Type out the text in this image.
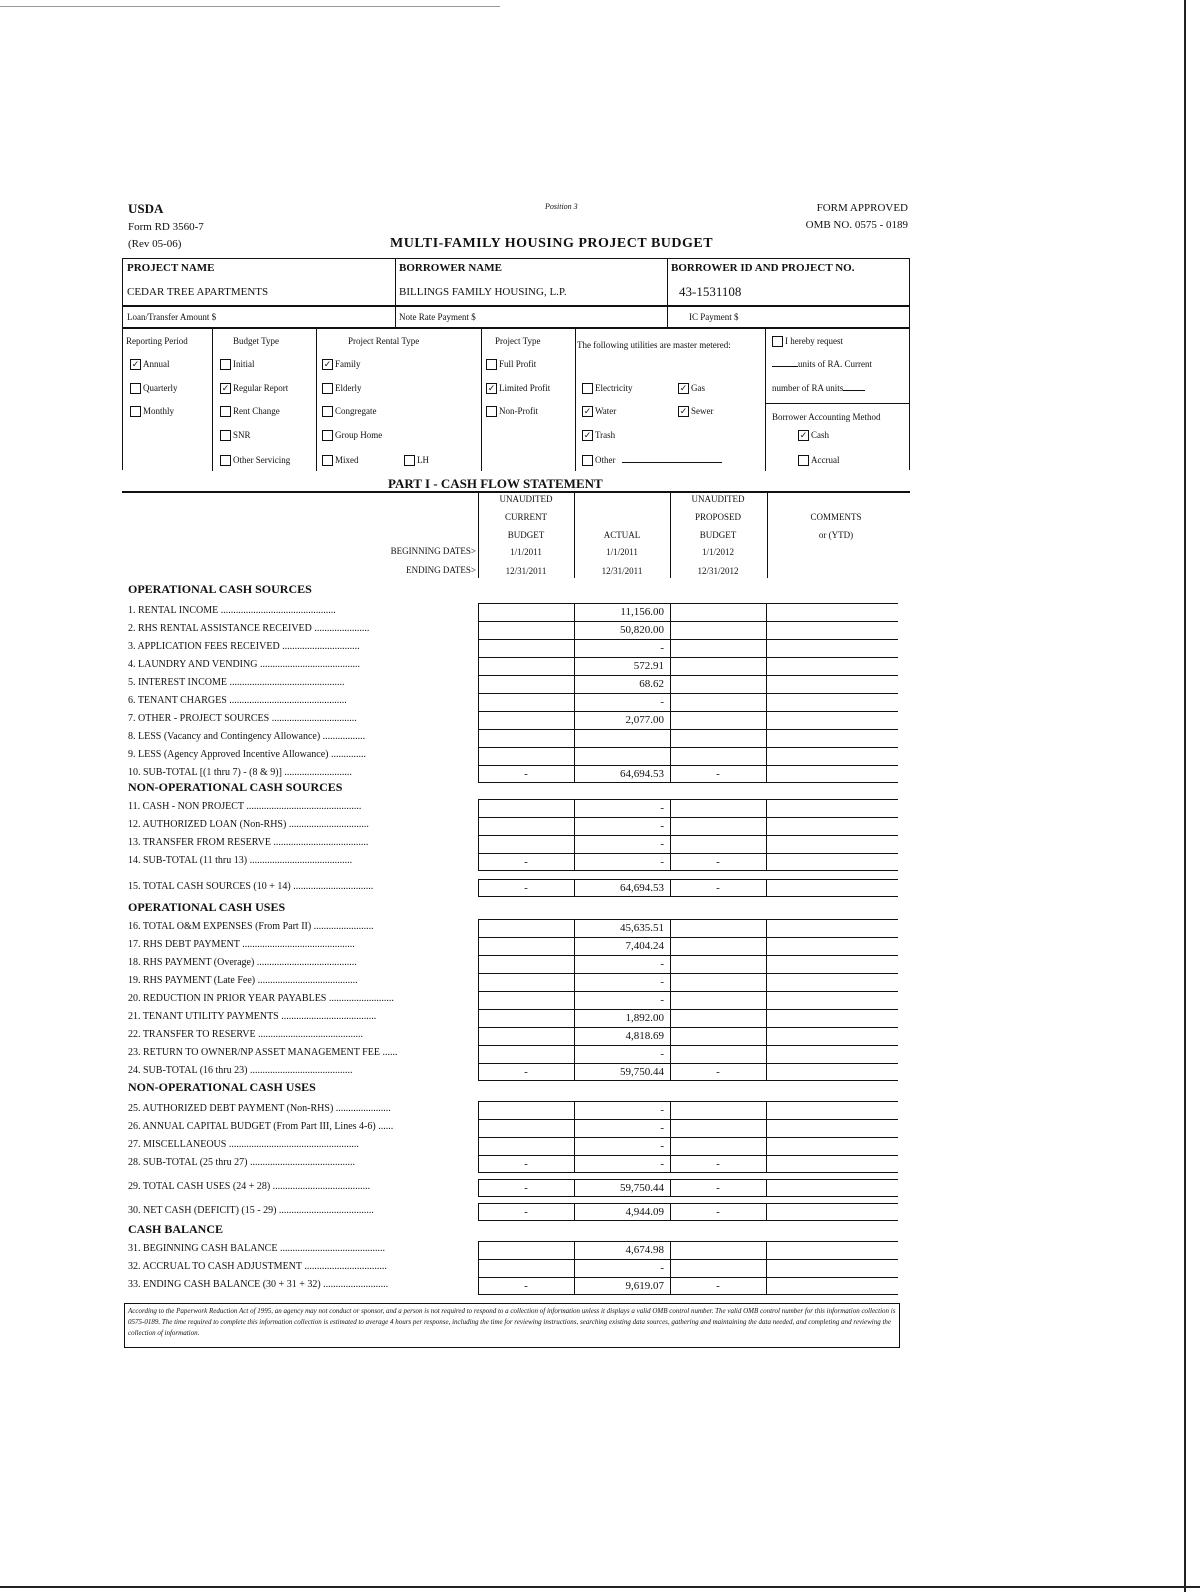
USDA
Form RD 3560-7
(Rev 05-06)
Position 3	FORM APPROVED
OMB NO. 0575 - 0189
MULTI-FAMILY HOUSING PROJECT BUDGET
PROJECT NAME
CEDAR TREE APARTMENTS
BORROWER NAME
BILLINGS FAMILY HOUSING, L.P.
BORROWER ID AND PROJECT NO.
43-1531108
Loan/Transfer Amount $	Note Rate Payment $	IC Payment $
Reporting Period
✓ Annual
Quarterly
Monthly
Budget Type
Initial
✓ Regular Report
Rent Change
SNR
Other Servicing
Project Rental Type
✓ Family
Elderly
Congregate
Group Home
Mixed	LH
Project Type
Full Profit
✓ Limited Profit
Non-Profit
The following utilities are master metered:
Electricity	✓ Gas
✓ Water	✓ Sewer
✓ Trash
Other
I hereby request
units of RA. Current
number of RA units
Borrower Accounting Method
✓ Cash
Accrual
PART I - CASH FLOW STATEMENT
UNAUDITED
CURRENT
BUDGET	ACTUAL
UNAUDITED
PROPOSED
BUDGET
COMMENTS
or (YTD)
BEGINNING DATES>
ENDING DATES>
1/1/2011	1/1/2011	1/1/2012
12/31/2011	12/31/2011	12/31/2012
OPERATIONAL CASH SOURCES
NON-OPERATIONAL CASH SOURCES
OPERATIONAL CASH USES
NON-OPERATIONAL CASH USES
CASH BALANCE
1. RENTAL INCOME ..............................................	11,156.00
2. RHS RENTAL ASSISTANCE RECEIVED ......................	50,820.00
3. APPLICATION FEES RECEIVED ...............................	-
4. LAUNDRY AND VENDING ........................................	572.91
5. INTEREST INCOME ..............................................	68.62
6. TENANT CHARGES ...............................................	-
7. OTHER - PROJECT SOURCES ..................................	2,077.00
8. LESS (Vacancy and Contingency Allowance) .................
9. LESS (Agency Approved Incentive Allowance) ..............
10. SUB-TOTAL [(1 thru 7) - (8 & 9)] ...........................	-	64,694.53	-
11. CASH - NON PROJECT ..............................................	-
12. AUTHORIZED LOAN (Non-RHS) ................................	-
13. TRANSFER FROM RESERVE ......................................	-
14. SUB-TOTAL (11 thru 13) .........................................	-	-	-
15. TOTAL CASH SOURCES (10 + 14) ................................	-	64,694.53	-
16. TOTAL O&M EXPENSES (From Part II) ........................	45,635.51
17. RHS DEBT PAYMENT .............................................	7,404.24
18. RHS PAYMENT (Overage) ........................................	-
19. RHS PAYMENT (Late Fee) ........................................	-
20. REDUCTION IN PRIOR YEAR PAYABLES ..........................	-
21. TENANT UTILITY PAYMENTS ......................................	1,892.00
22. TRANSFER TO RESERVE ..........................................	4,818.69
23. RETURN TO OWNER/NP ASSET MANAGEMENT FEE ......	-
24. SUB-TOTAL (16 thru 23) .........................................	-	59,750.44	-
25. AUTHORIZED DEBT PAYMENT (Non-RHS) ......................	-
26. ANNUAL CAPITAL BUDGET (From Part III, Lines 4-6) ......	-
27. MISCELLANEOUS ....................................................	-
28. SUB-TOTAL (25 thru 27) ..........................................	-	-	-
29. TOTAL CASH USES (24 + 28) .......................................	-	59,750.44	-
30. NET CASH (DEFICIT) (15 - 29) ......................................	-	4,944.09	-
31. BEGINNING CASH BALANCE ..........................................	4,674.98
32. ACCRUAL TO CASH ADJUSTMENT .................................	-
33. ENDING CASH BALANCE (30 + 31 + 32) ..........................	-	9,619.07	-
According to the Paperwork Reduction Act of 1995, an agency may not conduct or sponsor, and a person is not required to respond to a collection of information unless it displays a valid OMB control number. The valid OMB control number for this information collection is 0575-0189. The time required to complete this information collection is estimated to average 4 hours per response, including the time for reviewing instructions, searching existing data sources, gathering and maintaining the data needed, and completing and reviewing the collection of information.
